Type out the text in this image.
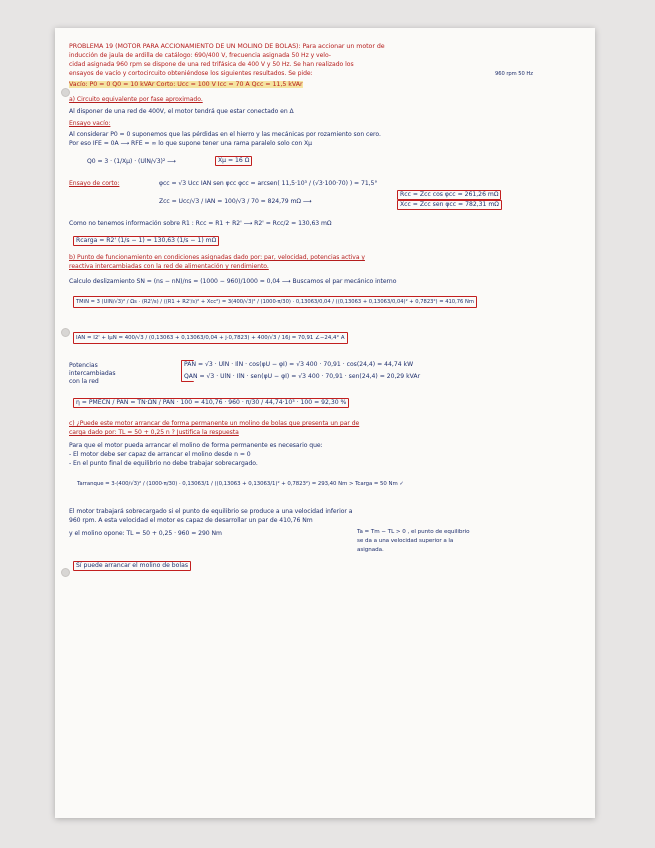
PROBLEMA 19 (MOTOR PARA ACCIONAMIENTO DE UN MOLINO DE BOLAS): Para accionar un motor de
inducción de jaula de ardilla de catálogo: 690/400 V, frecuencia asignada 50 Hz y velo-
cidad asignada 960 rpm se dispone de una red trifásica de 400 V y 50 Hz. Se han realizado los
ensayos de vacío y cortocircuito obteniéndose los siguientes resultados. Se pide:	960 rpm 50 Hz
Vacío: P0 = 0 Q0 = 10 kVAr Corto: Ucc = 100 V Icc = 70 A Qcc = 11,5 kVAr
a) Circuito equivalente por fase aproximado.
Al disponer de una red de 400V, el motor tendrá que estar conectado en Δ
Ensayo vacío:
Al considerar P0 = 0 suponemos que las pérdidas en el hierro y las mecánicas por rozamiento son cero.
Por eso IFE = 0A ⟶ RFE = ∞ lo que supone tener una rama paralelo solo con Xμ
Q0 = 3 · (1/Xμ) · (UlN/√3)² ⟶	Xμ = 16 Ω
Ensayo de corto:	φcc = √3 Ucc IAN sen φcc φcc = arcsen( 11,5·10³ / (√3·100·70) ) = 71,5°
Zcc = Ucc/√3 / IAN = 100/√3 / 70 = 824,79 mΩ ⟶
Rcc = Zcc cos φcc = 261,26 mΩ
Xcc = Zcc sen φcc = 782,31 mΩ
Como no tenemos información sobre R1 : Rcc = R1 + R2' ⟶ R2' = Rcc/2 = 130,63 mΩ
Rcarga = R2' (1/s − 1) = 130,63 (1/s − 1) mΩ
b) Punto de funcionamiento en condiciones asignadas dado por: par, velocidad, potencias activa y
reactiva intercambiadas con la red de alimentación y rendimiento.
Calculo deslizamiento SN = (ns − nN)/ns = (1000 − 960)/1000 = 0,04 ⟶ Buscamos el par mecánico interno
TMiN = 3 (UlN/√3)² / Ωs · (R2'/s) / ((R1 + R2'/s)² + Xcc²) = 3(400/√3)² / (1000·π/30) · 0,13063/0,04 / ((0,13063 + 0,13063/0,04)² + 0,7823²) = 410,76 Nm
IAN = I2' + IμN = 400/√3 / (0,13063 + 0,13063/0,04 + j·0,7823) + 400/√3 / 16j = 70,91 ∠−24,4° A
Potencias
intercambiadas
con la red
PAN = √3 · UlN · IlN · cos(φU − φI) = √3 400 · 70,91 · cos(24,4) = 44,74 kW
QAN = √3 · UlN · IlN · sen(φU − φI) = √3 400 · 70,91 · sen(24,4) = 20,29 kVAr
η = PMECN / PAN = TN·ΩN / PAN · 100 = 410,76 · 960 · π/30 / 44,74·10³ · 100 = 92,30 %
c) ¿Puede este motor arrancar de forma permanente un molino de bolas que presenta un par de
carga dado por: TL = 50 + 0,25 n ? Justifica la respuesta
Para que el motor pueda arrancar el molino de forma permanente es necesario que:
- El motor debe ser capaz de arrancar el molino desde n = 0
- En el punto final de equilibrio no debe trabajar sobrecargado.
Tarranque = 3·(400/√3)² / (1000·π/30) · 0,13063/1 / ((0,13063 + 0,13063/1)² + 0,7823²) = 293,40 Nm > Tcarga = 50 Nm ✓
El motor trabajará sobrecargado si el punto de equilibrio se produce a una velocidad inferior a
960 rpm. A esta velocidad el motor es capaz de desarrollar un par de 410,76 Nm
y el molino opone: TL = 50 + 0,25 · 960 = 290 Nm	Ta = Tm − TL > 0 , el punto de equilibrio
se da a una velocidad superior a la
asignada.
Sí puede arrancar el molino de bolas
